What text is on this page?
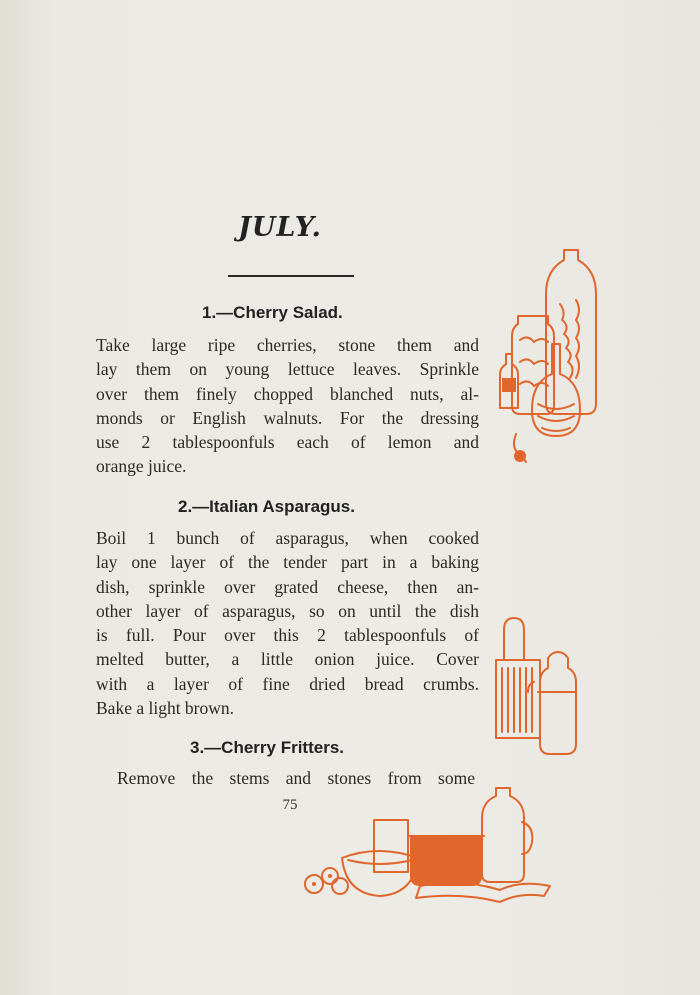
JULY.
1.—Cherry Salad.
Take large ripe cherries, stone them and
lay them on young lettuce leaves. Sprinkle
over them finely chopped blanched nuts, al-
monds or English walnuts. For the dressing
use 2 tablespoonfuls each of lemon and
orange juice.
2.—Italian Asparagus.
Boil 1 bunch of asparagus, when cooked
lay one layer of the tender part in a baking
dish, sprinkle over grated cheese, then an-
other layer of asparagus, so on until the dish
is full. Pour over this 2 tablespoonfuls of
melted butter, a little onion juice. Cover
with a layer of fine dried bread crumbs.
Bake a light brown.
3.—Cherry Fritters.
Remove the stems and stones from some
75
